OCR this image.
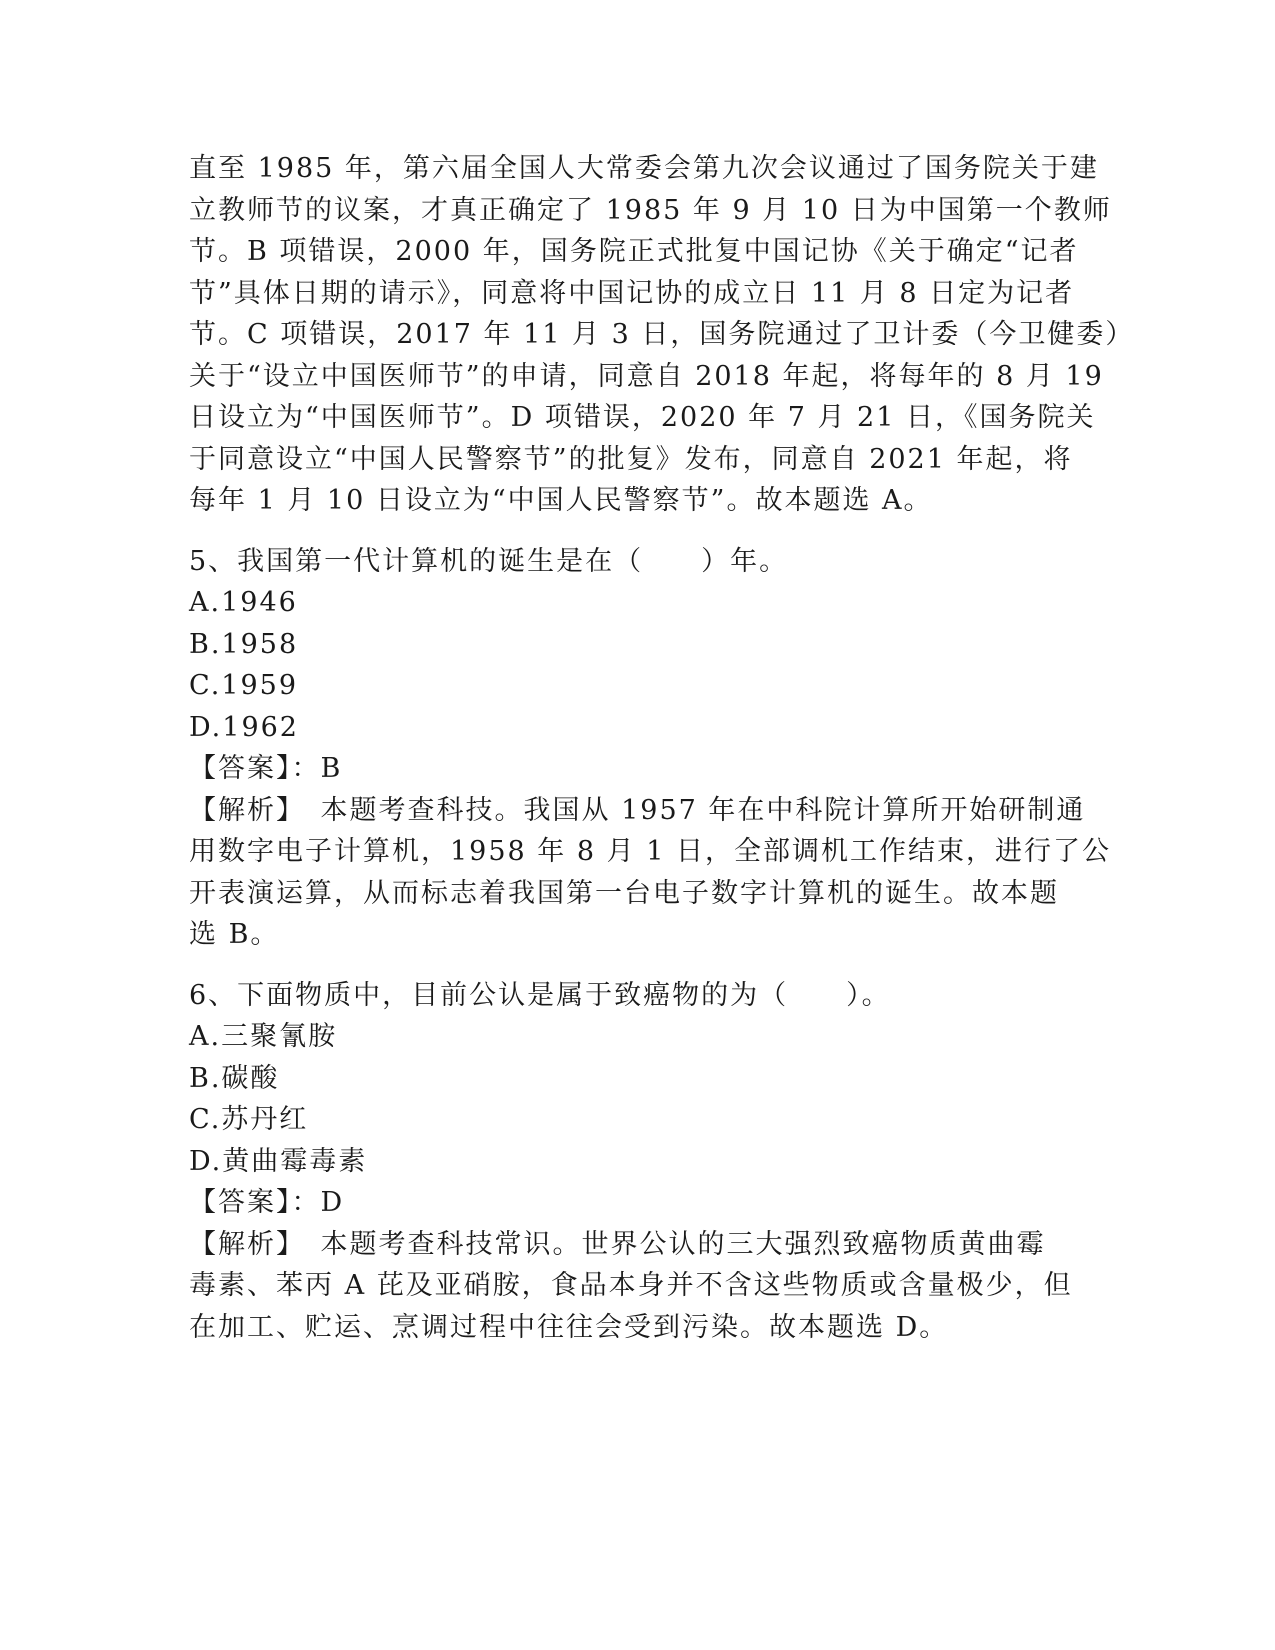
直至 1985 年，第六届全国人大常委会第九次会议通过了国务院关于建
立教师节的议案，才真正确定了 1985 年 9 月 10 日为中国第一个教师
节。B 项错误，2000 年，国务院正式批复中国记协《关于确定“记者
节”具体日期的请示》，同意将中国记协的成立日 11 月 8 日定为记者
节。C 项错误，2017 年 11 月 3 日，国务院通过了卫计委（今卫健委）
关于“设立中国医师节”的申请，同意自 2018 年起，将每年的 8 月 19
日设立为“中国医师节”。D 项错误，2020 年 7 月 21 日，《国务院关
于同意设立“中国人民警察节”的批复》发布，同意自 2021 年起，将
每年 1 月 10 日设立为“中国人民警察节”。故本题选 A。
5、我国第一代计算机的诞生是在（　　）年。
A.1946
B.1958
C.1959
D.1962
【答案】：B
【解析】　本题考查科技。我国从 1957 年在中科院计算所开始研制通
用数字电子计算机，1958 年 8 月 1 日，全部调机工作结束，进行了公
开表演运算，从而标志着我国第一台电子数字计算机的诞生。故本题
选 B。
6、下面物质中，目前公认是属于致癌物的为（　　）。
A.三聚氰胺
B.碳酸
C.苏丹红
D.黄曲霉毒素
【答案】：D
【解析】　本题考查科技常识。世界公认的三大强烈致癌物质黄曲霉
毒素、苯丙 A 芘及亚硝胺，食品本身并不含这些物质或含量极少，但
在加工、贮运、烹调过程中往往会受到污染。故本题选 D。
